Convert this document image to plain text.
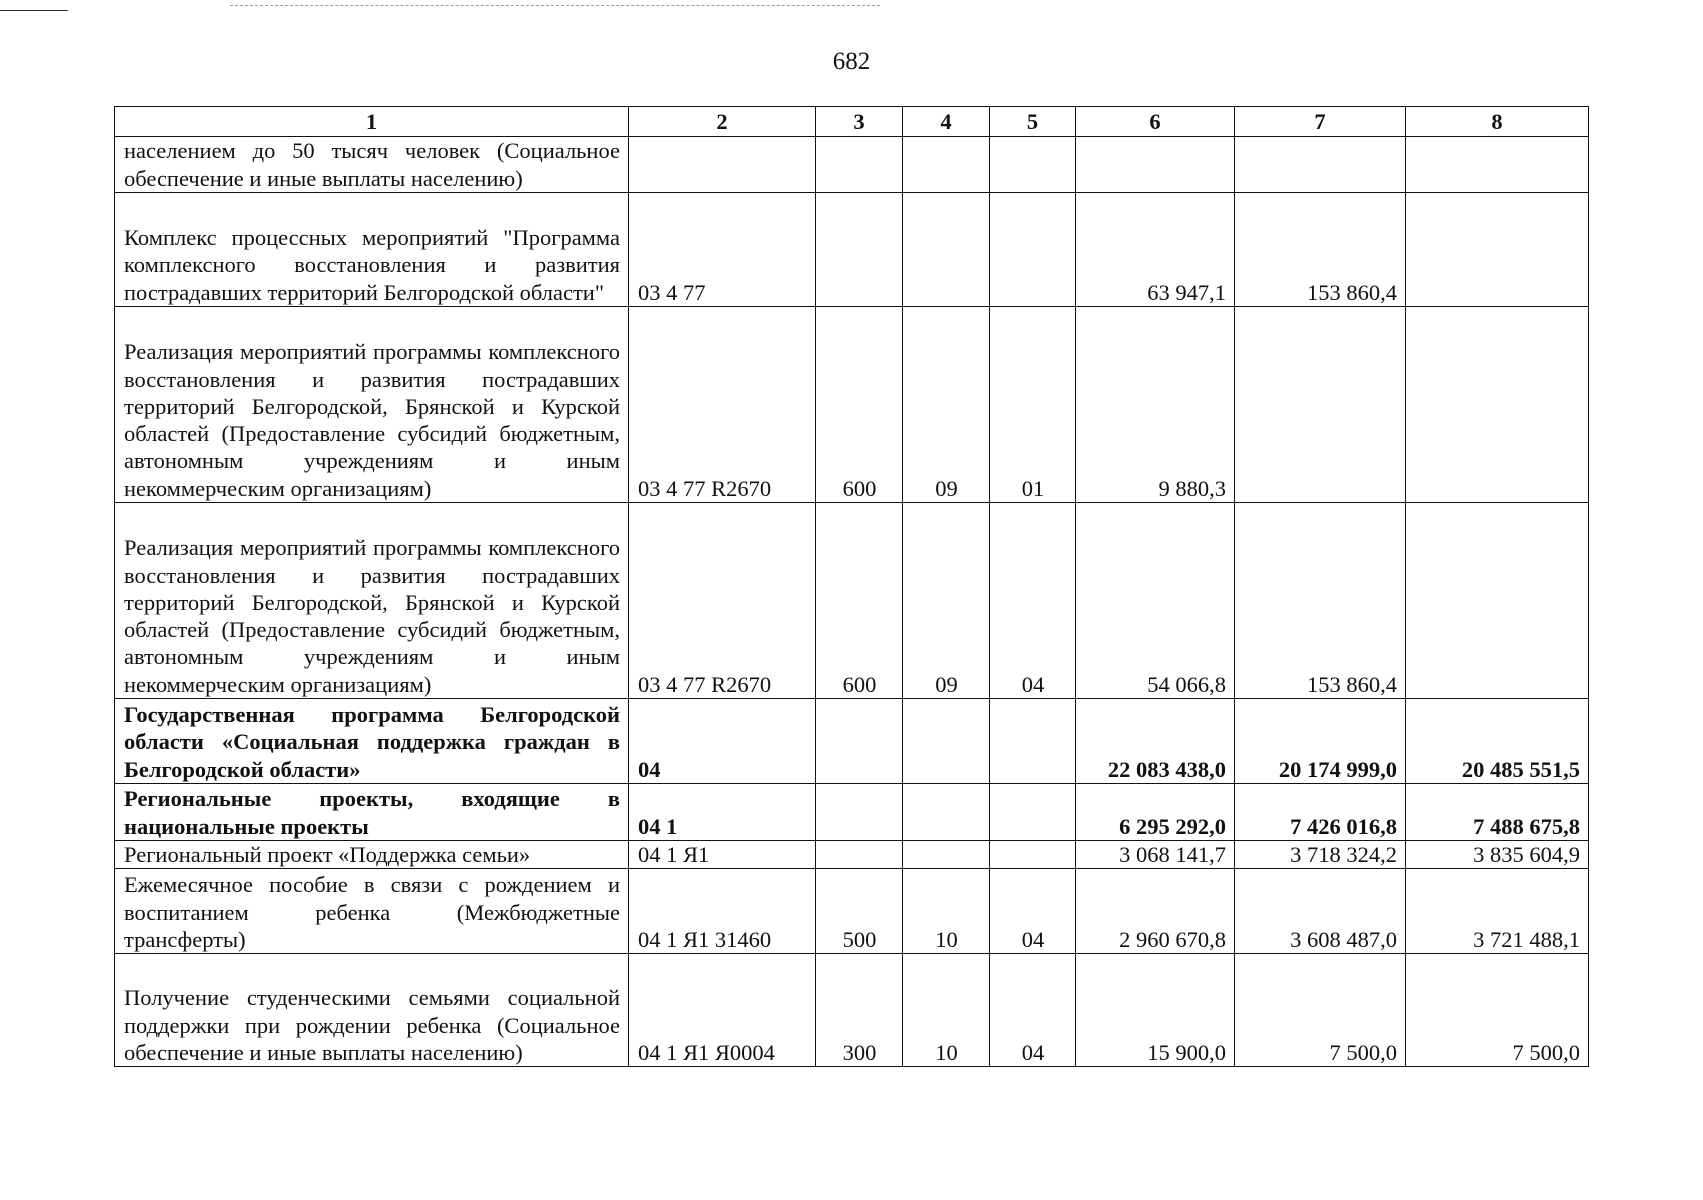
682
1	2	3	4	5	6	7	8
населением до 50 тысяч человек (Социальное обеспечение и иные выплаты населению)							
Комплекс процессных мероприятий "Программа комплексного восстановления и развития пострадавших территорий Белгородской области"	03 4 77				63 947,1	153 860,4	
Реализация мероприятий программы комплексного восстановления и развития пострадавших территорий Белгородской, Брянской и Курской областей (Предоставление субсидий бюджетным, автономным учреждениям и иным некоммерческим организациям)	03 4 77 R2670	600	09	01	9 880,3		
Реализация мероприятий программы комплексного восстановления и развития пострадавших территорий Белгородской, Брянской и Курской областей (Предоставление субсидий бюджетным, автономным учреждениям и иным некоммерческим организациям)	03 4 77 R2670	600	09	04	54 066,8	153 860,4	
Государственная программа Белгородской области «Социальная поддержка граждан в Белгородской области»	04				22 083 438,0	20 174 999,0	20 485 551,5
Региональные проекты, входящие в национальные проекты	04 1				6 295 292,0	7 426 016,8	7 488 675,8
Региональный проект «Поддержка семьи»	04 1 Я1				3 068 141,7	3 718 324,2	3 835 604,9
Ежемесячное пособие в связи с рождением и воспитанием ребенка (Межбюджетные трансферты)	04 1 Я1 31460	500	10	04	2 960 670,8	3 608 487,0	3 721 488,1
Получение студенческими семьями социальной поддержки при рождении ребенка (Социальное обеспечение и иные выплаты населению)	04 1 Я1 Я0004	300	10	04	15 900,0	7 500,0	7 500,0
